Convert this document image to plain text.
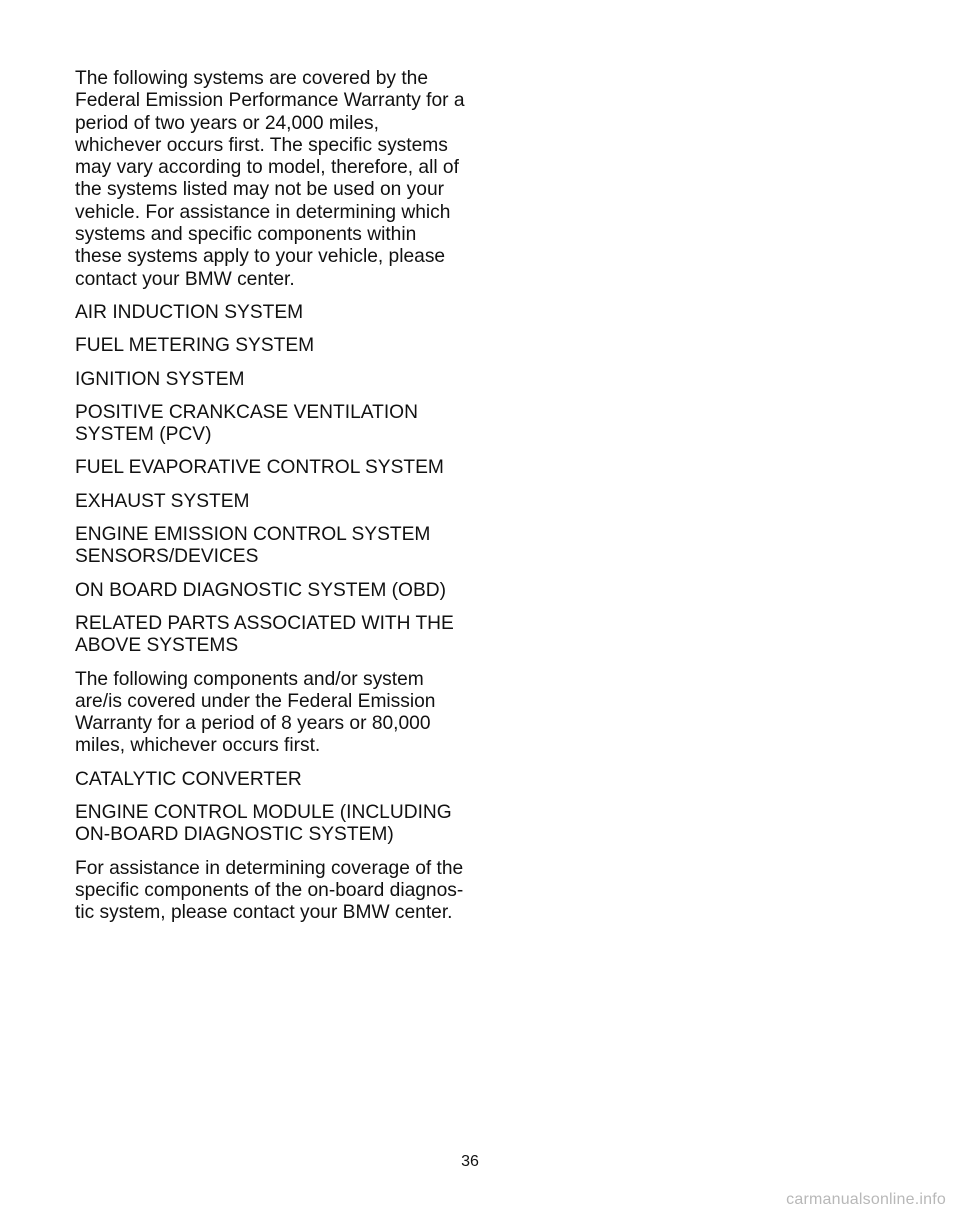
The following systems are covered by the
Federal Emission Performance Warranty for a
period of two years or 24,000 miles,
whichever occurs first. The specific systems
may vary according to model, therefore, all of
the systems listed may not be used on your
vehicle. For assistance in determining which
systems and specific components within
these systems apply to your vehicle, please
contact your BMW center.

AIR INDUCTION SYSTEM

FUEL METERING SYSTEM

IGNITION SYSTEM

POSITIVE CRANKCASE VENTILATION
SYSTEM (PCV)

FUEL EVAPORATIVE CONTROL SYSTEM

EXHAUST SYSTEM

ENGINE EMISSION CONTROL SYSTEM
SENSORS/DEVICES

ON BOARD DIAGNOSTIC SYSTEM (OBD)

RELATED PARTS ASSOCIATED WITH THE
ABOVE SYSTEMS

The following components and/or system
are/is covered under the Federal Emission
Warranty for a period of 8 years or 80,000
miles, whichever occurs first.

CATALYTIC CONVERTER

ENGINE CONTROL MODULE (INCLUDING
ON-BOARD DIAGNOSTIC SYSTEM)

For assistance in determining coverage of the
specific components of the on-board diagnos-
tic system, please contact your BMW center.

36
carmanualsonline.info
